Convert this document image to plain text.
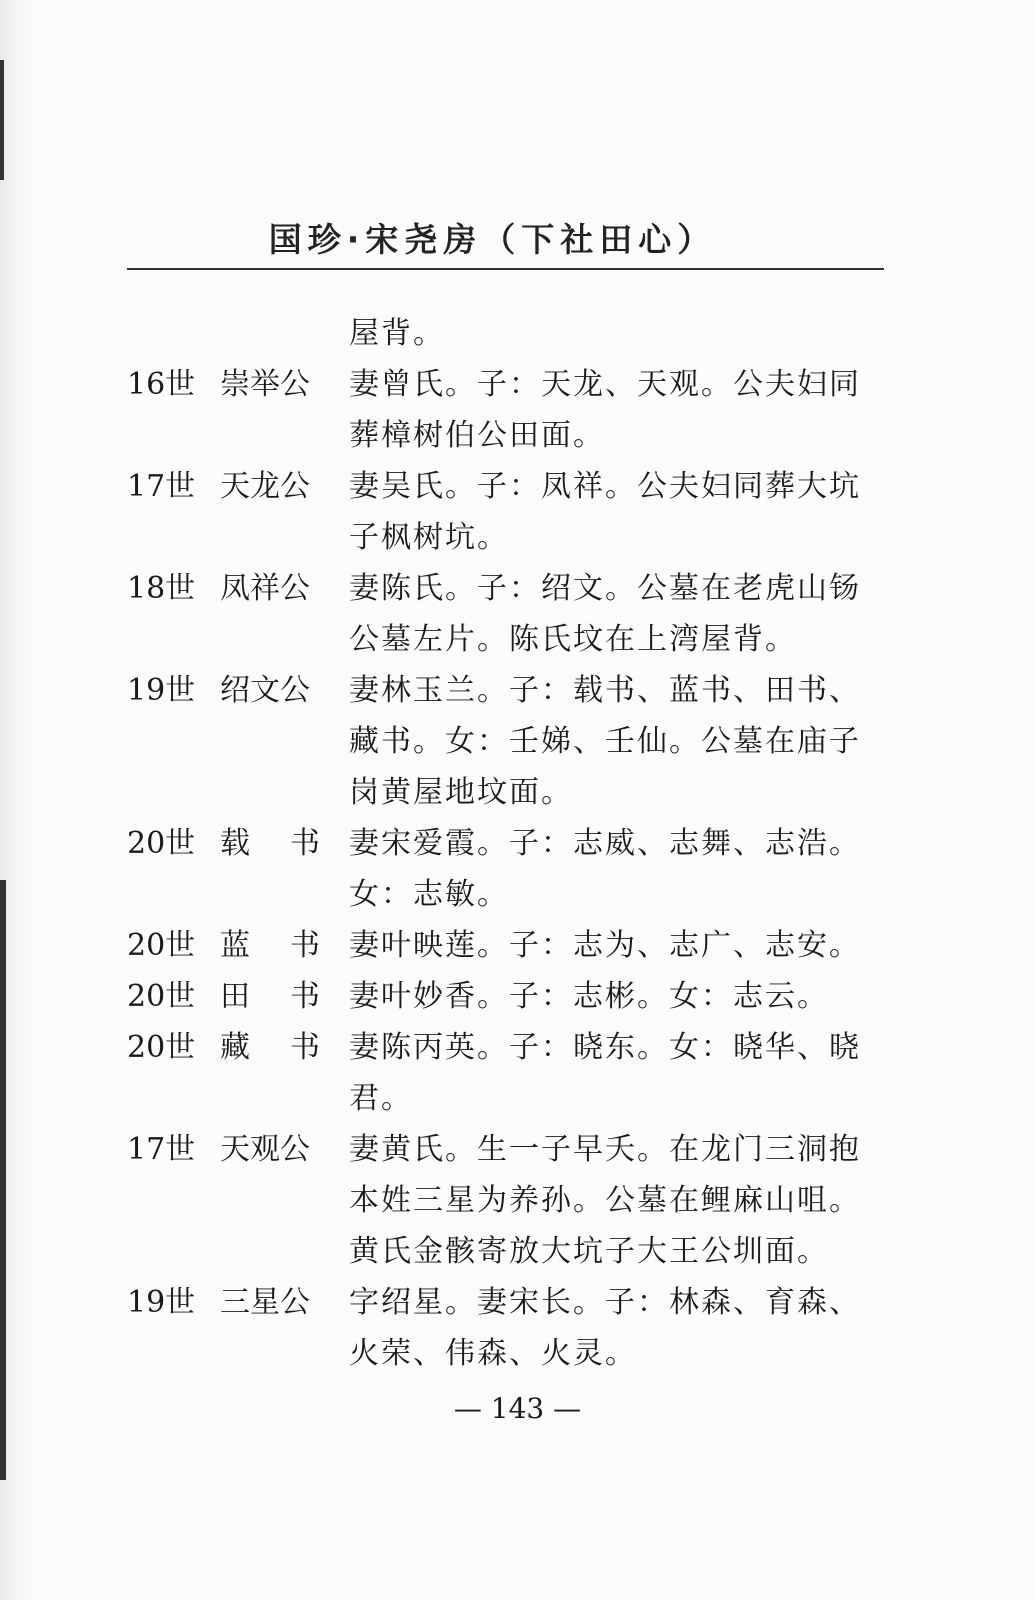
国珍·宋尧房（下社田心）
屋背。
16世 崇举公	妻曾氏。子：天龙、天观。公夫妇同
葬樟树伯公田面。
17世 天龙公	妻吴氏。子：凤祥。公夫妇同葬大坑
子枫树坑。
18世 凤祥公	妻陈氏。子：绍文。公墓在老虎山钖
公墓左片。陈氏坟在上湾屋背。
19世 绍文公	妻林玉兰。子：载书、蓝书、田书、
藏书。女：壬娣、壬仙。公墓在庙子
岗黄屋地坟面。
20世 载 书 妻宋爱霞。子：志威、志舞、志浩。
女：志敏。
20世 蓝 书 妻叶映莲。子：志为、志广、志安。
20世 田 书 妻叶妙香。子：志彬。女：志云。
20世 藏 书 妻陈丙英。子：晓东。女：晓华、晓
君。
17世 天观公	妻黄氏。生一子早夭。在龙门三洞抱
本姓三星为养孙。公墓在鲤麻山咀。
黄氏金骸寄放大坑子大王公圳面。
19世 三星公	字绍星。妻宋长。子：林森、育森、
火荣、伟森、火灵。
— 143 —
